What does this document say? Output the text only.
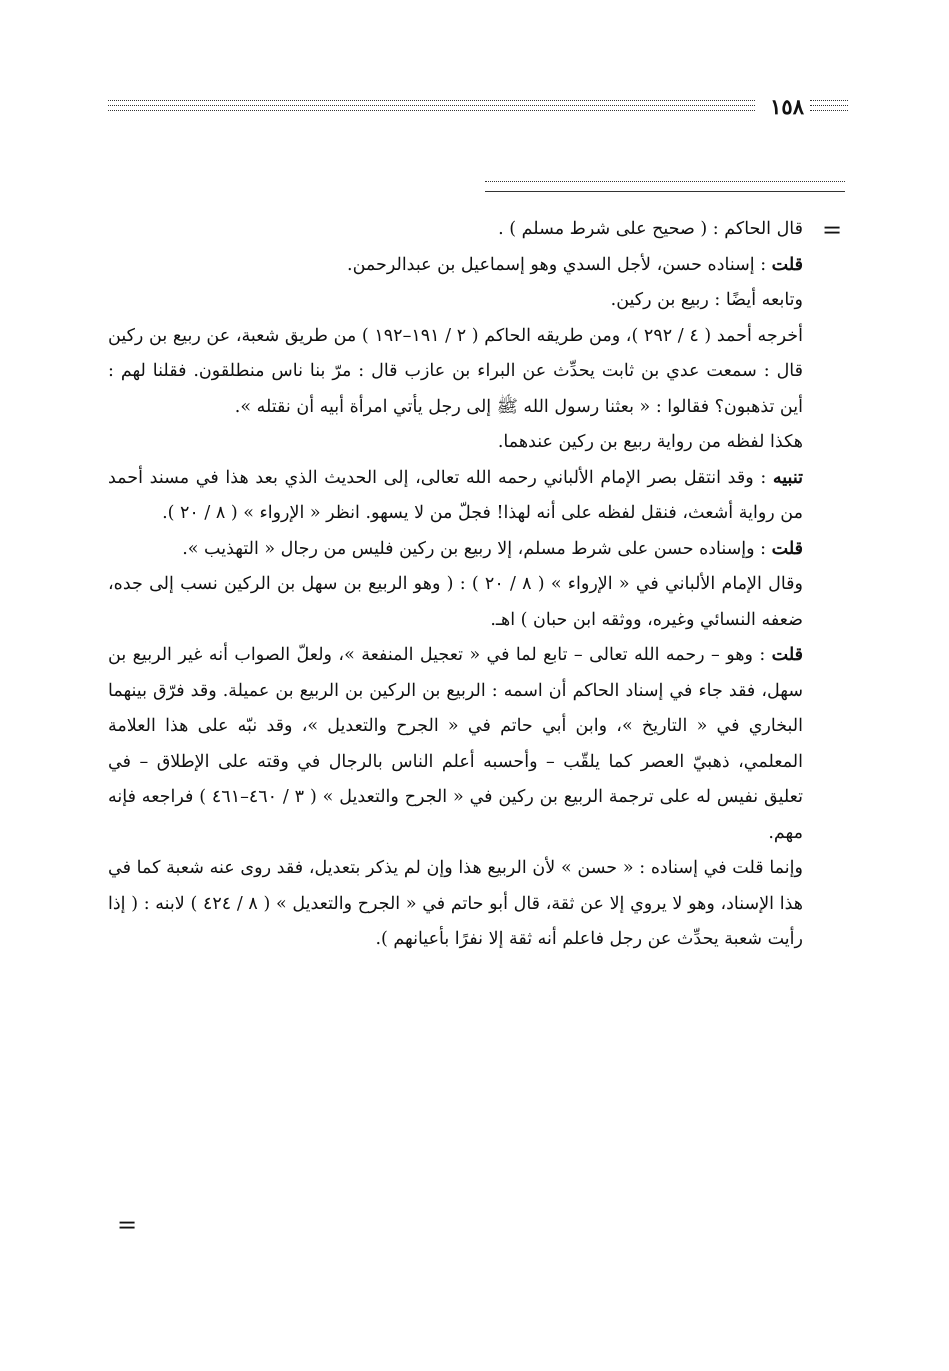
١٥٨
=

قال الحاكم : ( صحيح على شرط مسلم ) .

قلت : إسناده حسن، لأجل السدي وهو إسماعيل بن عبدالرحمن.

وتابعه أيضًا : ربيع بن ركين.

أخرجه أحمد ( ٤ / ٢٩٢ )، ومن طريقه الحاكم ( ٢ / ١٩١–١٩٢ ) من طريق شعبة، عن ربيع بن ركين قال : سمعت عدي بن ثابت يحدِّث عن البراء بن عازب قال : مرّ بنا ناس منطلقون. فقلنا لهم : أين تذهبون؟ فقالوا : « بعثنا رسول الله ﷺ إلى رجل يأتي امرأة أبيه أن نقتله ».

هكذا لفظه من رواية ربيع بن ركين عندهما.

تنبيه : وقد انتقل بصر الإمام الألباني رحمه الله تعالى، إلى الحديث الذي بعد هذا في مسند أحمد من رواية أشعث، فنقل لفظه على أنه لهذا! فجلّ من لا يسهو. انظر « الإرواء » ( ٨ / ٢٠ ).

قلت : وإسناده حسن على شرط مسلم، إلا ربيع بن ركين فليس من رجال « التهذيب ».

وقال الإمام الألباني في « الإرواء » ( ٨ / ٢٠ ) : ( وهو الربيع بن سهل بن الركين نسب إلى جده، ضعفه النسائي وغيره، ووثقه ابن حبان ) اهـ.

قلت : وهو – رحمه الله تعالى – تابع لما في « تعجيل المنفعة »، ولعلّ الصواب أنه غير الربيع بن سهل، فقد جاء في إسناد الحاكم أن اسمه : الربيع بن الركين بن الربيع بن عميلة. وقد فرّق بينهما البخاري في « التاريخ »، وابن أبي حاتم في « الجرح والتعديل »، وقد نبّه على هذا العلامة المعلمي، ذهبيّ العصر كما يلقّب – وأحسبه أعلم الناس بالرجال في وقته على الإطلاق – في تعليق نفيس له على ترجمة الربيع بن ركين في « الجرح والتعديل » ( ٣ / ٤٦٠–٤٦١ ) فراجعه فإنه مهم.

وإنما قلت في إسناده : « حسن » لأن الربيع هذا وإن لم يذكر بتعديل، فقد روى عنه شعبة كما في هذا الإسناد، وهو لا يروي إلا عن ثقة، قال أبو حاتم في « الجرح والتعديل » ( ٨ / ٤٢٤ ) لابنه : ( إذا رأيت شعبة يحدِّث عن رجل فاعلم أنه ثقة إلا نفرًا بأعيانهم ).

=
